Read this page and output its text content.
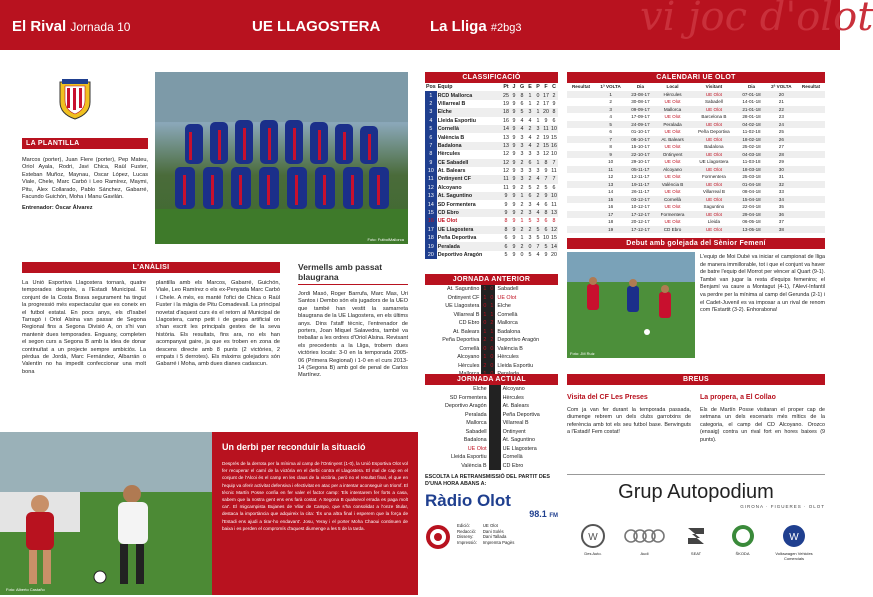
vi joc d'olot
El Rival Jornada 10	UE LLAGOSTERA	La Lliga #2bg3
LA PLANTILLA
Marcos (porter), Juan Flere (porter), Pep Mateu, Oriol Ayala, Rodri, Javi Chica, Raül Fuster, Esteban Muñoz, Maynau, Oscar López, Lucas Viale, Chele, Marc Carbó i Leo Ramírez, Maymi, Pitu, Àlex Collarado, Pablo Sánchez, Gabarré, Facundo Guichón, Moha i Manu Gavilán.
Entrenador: Òscar Álvarez
Foto: FutbolMallorca
L'ANÀLISI
La Unió Esportiva Llagostera tornarà, quatre temporades després, a l'Estadi Municipal. El conjunt de la Costa Brava segurament ha tingut la progressió més espectacular que es coneix en el futbol estatal. En pocs anys, els d'Isabel Tarragó i Oriol Alsina van passar de Segona Regional fins a Segona Divisió A, on s'hi van mantenir dues temporades. Enguany, completen el segon curs a Segona B amb la idea de donar continuïtat a un projecte sempre ambiciós. La pèrdua de Jordà, Marc Fernández, Albarrán o Valentín no ha impedit confeccionar una molt bona
plantilla amb els Marcos, Gabarré, Guichón, Viale, Leo Ramírez o els ex-Penyada Marc Carbó i Chele. A més, es manté l'ofici de Chica o Raül Fuster i la màgia de Pitu Comadevall. La principal novetat d'aquest curs és el retorn al Municipal de Llagostera, camp petit i de gespa artificial on s'han escrit les principals gestes de la seva història. Els resultats, fins ara, no els han acompanyat gaire, ja que es troben en zona de descens directe amb 8 punts (2 victòries, 2 empats i 5 derrotes). Els màxims golejadors són Gabarré i Moha, amb dues dianes cadascun.
Vermells amb passat blaugrana
Jordi Masó, Roger Barrufa, Marc Mas, Uri Santos i Dembo són els jugadors de la UEO que també han vestit la samarreta blaugrana de la UE Llagostera, en els últims anys. Dins l'staff tècnic, l'entrenador de porters, Joan Miquel Salavedra, també va treballar a les ordres d'Oriol Alsina. Revisant els precedents a la Lliga, trobem dues victòries locals: 3-0 en la temporada 2005-06 (Primera Regional) i 1-0 en el curs 2013-14 (Segona B) amb gol de penal de Carlos Martínez.
Foto: Alberto Castaño
Un derbi per reconduir la situació
Després de la derrota per la mínima al camp de l'Ontinyent (1-0), la Unió Esportiva Olot vol fer recuperar el camí de la victòria en el derbi contra el Llagostera. El mal de cap en el conjunt de l'Alcoi és el camp en les claus de la victòria, però no el resultat final, el que en l'equip va oferir activitat defensiva i efectivitat en atac per a intentar aconseguir un triomf. El tècnic Martín Posse confia en fer valer el factor camp: 'Els intentarem fer forts a casa, sabem que la nostra gent ens ens farà costat. A Segona B qualsevol errada es paga molt car'. El migcampista Bujanes de Vilar de Campo, que s'ha consolidat a l'onze titular, destaca la importància que adquireix la cita: 'És una altra final i esperem que la força de l'Estadi ens ajudi a tirar-ho endavant'. Josu, Yeray i el porter Moha Chaoui continuen de baixa i es perden el compromís d'aquest diumenge a les 5 de la tarda.
CLASSIFICACIÓ
Pos	Equip	Pt	J	G	E	P	F	C
1	RCD Mallorca	25	9	8	1	0	17	2
2	Villarreal B	19	9	6	1	2	17	9
3	Elche	18	9	5	3	1	20	8
4	Lleida Esportiu	16	9	4	4	1	9	6
5	Cornellà	14	9	4	2	3	11	10
6	València B	13	9	3	4	2	19	15
7	Badalona	13	9	3	4	2	15	16
8	Hèrcules	12	9	3	3	3	12	10
9	CE Sabadell	12	9	2	6	1	8	7
10	At. Balears	12	9	3	3	3	9	11
11	Ontinyent CF	11	9	3	2	4	7	7
12	Alcoyano	11	9	2	5	2	5	6
13	At. Saguntino	9	9	1	6	2	9	10
14	SD Formentera	9	9	2	3	4	6	11
15	CD Ebro	9	9	2	3	4	8	13
16	UE Olot	8	9	1	5	3	6	8
17	UE Llagostera	8	9	2	2	5	6	12
18	Peña Deportiva	6	9	1	3	5	10	15
19	Peralada	6	9	2	0	7	5	14
20	Deportivo Aragón	5	9	0	5	4	9	20
JORNADA ANTERIOR
At. Saguntino	1	0	Sabadell
Ontinyent CF	1	0	UE Olot
UE Llagostera	0	1	Elche
Villarreal B	1	1	Cornellà
CD Ebro	0	2	Mallorca
At. Balears	1	1	Badalona
Peña Deportiva	2	2	Deportivo Aragón
Cornellà	0	0	València B
Alcoyano	1	0	Hèrcules
Hèrcules	2	0	Lleida Esportiu

JORNADA ACTUAL
Elche			Alcoyano
SD Formentera			Hèrcules
Deportivo Aragón			At. Balears
Peralada			Peña Deportiva
Mallorca			Villarreal B
Sabadell			Ontinyent
Badalona			At. Saguntino
UE Olot			UE Llagostera
Lleida Esportiu			Cornellà
València B			CD Ebro
ESCOLTA LA RETRANSMISSIÓ DEL PARTIT DES D'UNA HORA ABANS A:
Ràdio Olot
98.1 FM
Edició:
Redacció:
Disseny:
Impressió:
UE Olot
Dani Solés
Dani Tallada
Impremta Pagès
CALENDARI UE OLOT
Resultat	1ª VOLTA	Dia	Local	Visitant	Dia	2ª VOLTA	Resultat
	1	23-08-17	Hèrcules	UE Olot	07-01-18	20	
	2	30-08-17	UE Olot	Sabadell	14-01-18	21	
	3	09-09-17	Mallorca	UE Olot	21-01-18	22	
	4	17-09-17	UE Olot	Barcelona B	28-01-18	23	
	5	24-09-17	Peralada	UE Olot	04-02-18	24	
	6	01-10-17	UE Olot	Peña Deportiva	11-02-18	25	
	7	08-10-17	At. Balears	UE Olot	18-02-18	26	
	8	15-10-17	UE Olot	Badalona	25-02-18	27	
	9	22-10-17	Ontinyent	UE Olot	04-03-18	28	
	10	29-10-17	UE Olot	UE Llagostera	11-03-18	29	
	11	05-11-17	Alcoyano	UE Olot	18-03-18	30	
	12	12-11-17	UE Olot	Formentera	25-03-18	31	
	13	19-11-17	València B	UE Olot	01-04-18	32	
	14	26-11-17	UE Olot	Villarreal B	08-04-18	33	
	15	03-12-17	Cornellà	UE Olot	15-04-18	34	
	16	10-12-17	UE Olot	Saguntino	22-04-18	35	
	17	17-12-17	Formentera	UE Olot	29-04-18	36	
	18	20-12-17	UE Olot	Lleida	06-05-18	37	
	19	17-12-17	CD Ebro	UE Olot	13-05-18	38	
Debut amb golejada del Sènior Femení
Foto: JM Ruiz
L'equip de Moi Dubé va iniciar el campionat de lliga de manera immillorable, tot i que el conjunt va haver de batre l'equip del Morrot per vèncer al Quart (9-1). També van jugar la resta d'equips femenins; el Benjamí va caure a Montagut (4-1), l'Aleví-Infantil va perdre per la mínima al camp del Gerunda (2-1) i el Cadet-Juvenil es va imposar a un rival de renom com l'Estartit (3-2). Enhorabona!
BREUS
Visita del CF Les Preses
Com ja van fer durant la temporada passada, diumenge rebrem un dels clubs garrotxins de referència amb tot els seu futbol base. Benvinguts a l'Estadi! Fem costat!
La propera, a El Collao
Els de Martín Posse visitaran el proper cap de setmana un dels escenaris més mítics de la categoria, el camp del CD Alcoyano. Orozco (ensaig) contra un rival fort en hores baixes (9 punts).
Grup Autopodium
GIRONA · FIGUERES · OLOT
W
Des Auto.	Audi	SEAT	ŠKODA
W
Volkswagen Vehicles Comercials
